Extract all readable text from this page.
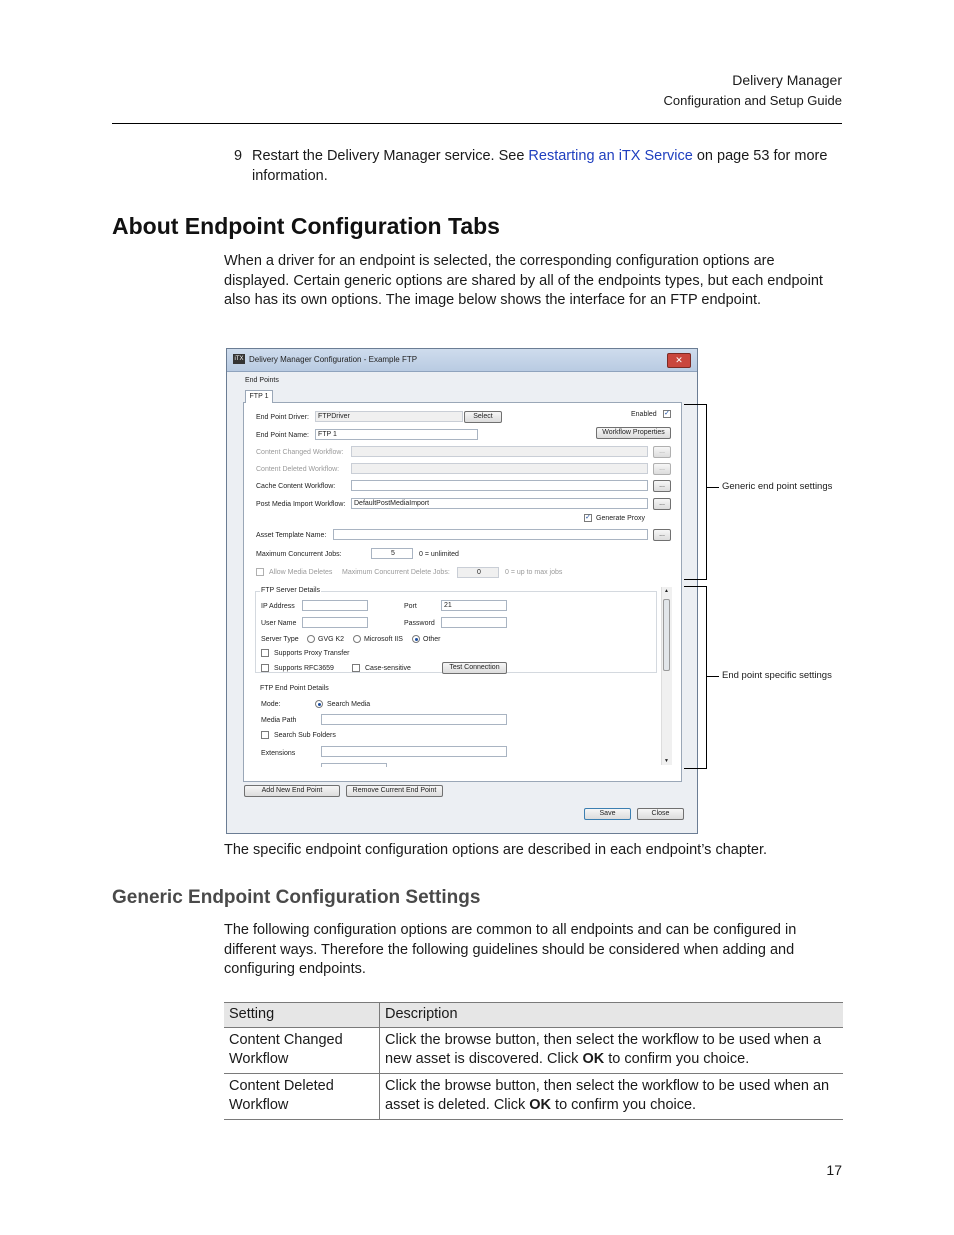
Delivery Manager
Configuration and Setup Guide
9 Restart the Delivery Manager service. See Restarting an iTX Service on page 53 for more information.
About Endpoint Configuration Tabs

When a driver for an endpoint is selected, the corresponding configuration options are displayed. Certain generic options are shared by all of the endpoints types, but each endpoint also has its own options. The image below shows the interface for an FTP endpoint.

iTX Delivery Manager Configuration - Example FTP	✕
End Points
FTP 1
End Point Driver:	FTPDriver	Select	Enabled ✓
End Point Name:	FTP 1	Workflow Properties
Content Changed Workflow:	...
Content Deleted Workflow:	...
Cache Content Workflow:	...
Post Media Import Workflow:	DefaultPostMediaImport	...
✓ Generate Proxy
Asset Template Name:	...
Maximum Concurrent Jobs:	5	0 = unlimited
Allow Media Deletes Maximum Concurrent Delete Jobs:	0	0 = up to max jobs
FTP Server Details
IP Address	Port	21
User Name	Password
Server Type	GVG K2	Microsoft IIS	Other
Supports Proxy Transfer
Supports RFC3659	Case-sensitive	Test Connection
FTP End Point Details
Mode:	Search Media
Media Path
Search Sub Folders
Extensions
▲
▼
Add New End Point	Remove Current End Point
Save	Close
Generic end point settings
End point specific settings
The specific endpoint configuration options are described in each endpoint’s chapter.
Generic Endpoint Configuration Settings

The following configuration options are common to all endpoints and can be configured in different ways. Therefore the following guidelines should be considered when adding and configuring endpoints.

Setting	Description
Content Changed Workflow	Click the browse button, then select the workflow to be used when a new asset is discovered. Click OK to confirm you choice.
Content Deleted Workflow	Click the browse button, then select the workflow to be used when an asset is deleted. Click OK to confirm you choice.
17
